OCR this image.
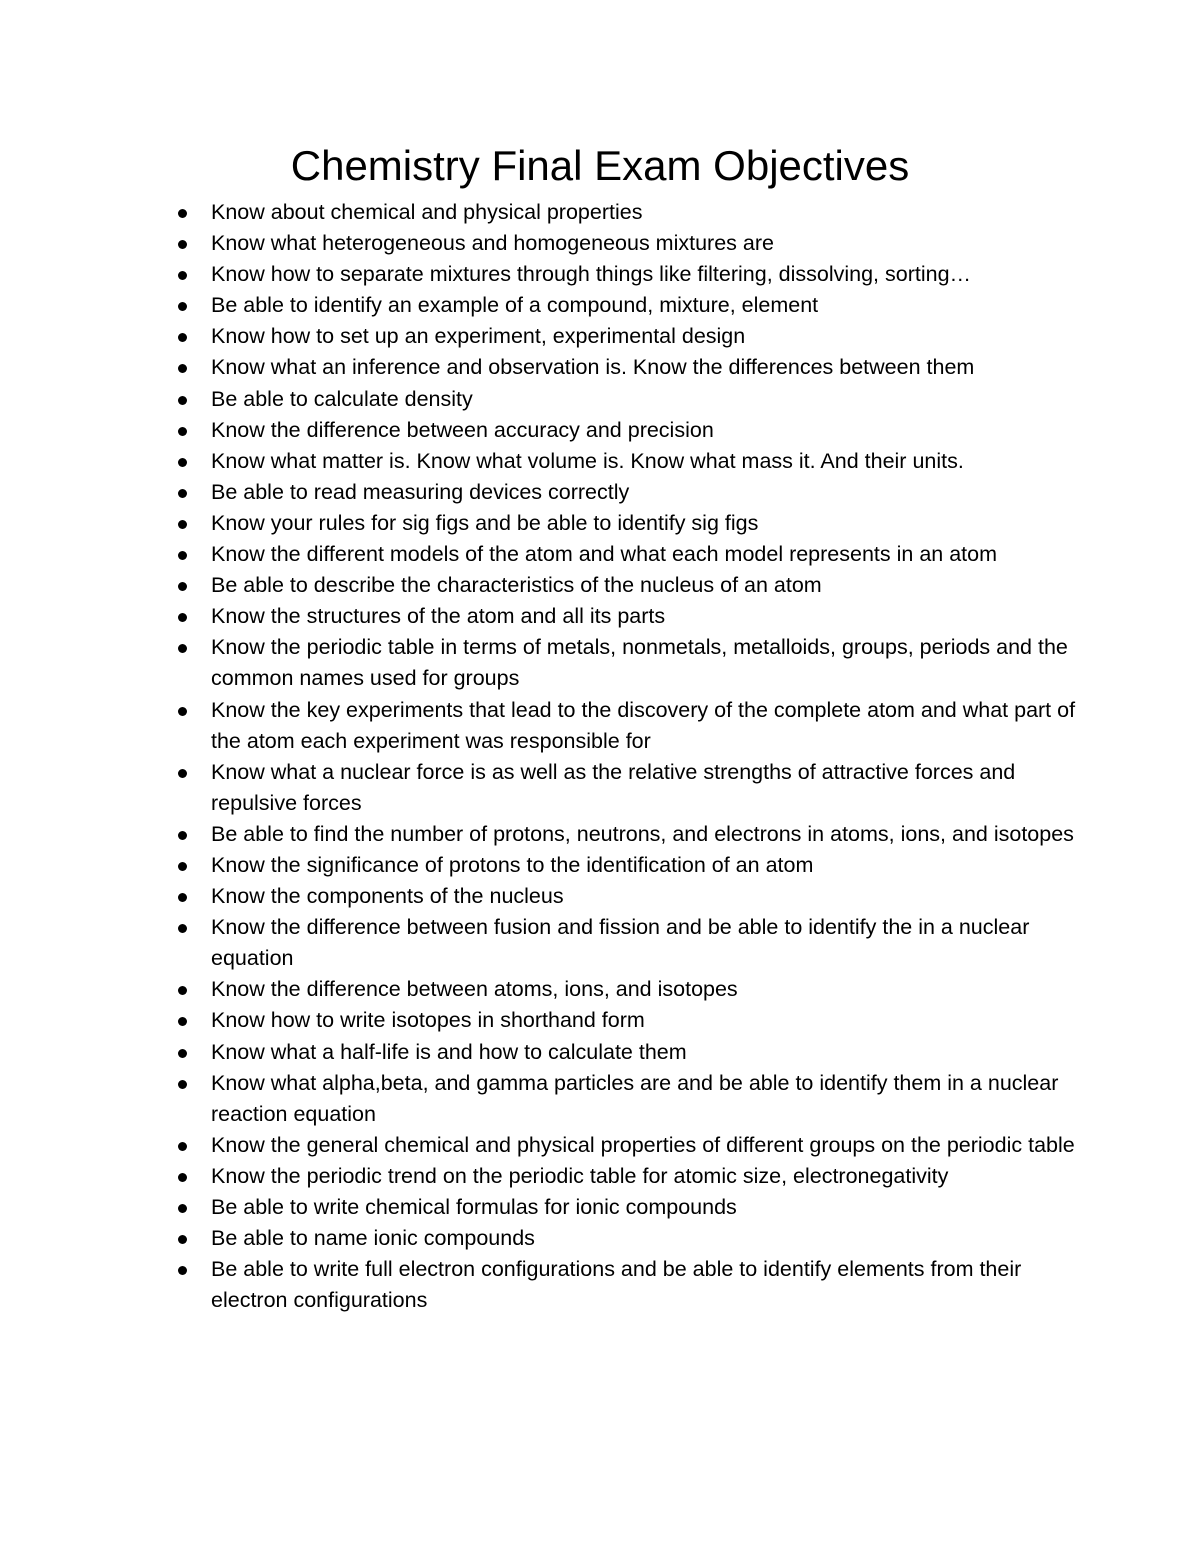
Chemistry Final Exam Objectives
Know about chemical and physical properties
Know what heterogeneous and homogeneous mixtures are
Know how to separate mixtures through things like filtering, dissolving, sorting…
Be able to identify an example of a compound, mixture, element
Know how to set up an experiment, experimental design
Know what an inference and observation is. Know the differences between them
Be able to calculate density
Know the difference between accuracy and precision
Know what matter is. Know what volume is. Know what mass it. And their units.
Be able to read measuring devices correctly
Know your rules for sig figs and be able to identify sig figs
Know the different models of the atom and what each model represents in an atom
Be able to describe the characteristics of the nucleus of an atom
Know the structures of the atom and all its parts
Know the periodic table in terms of metals, nonmetals, metalloids, groups, periods and the common names used for groups
Know the key experiments that lead to the discovery of the complete atom and what part of the atom each experiment was responsible for
Know what a nuclear force is as well as the relative strengths of attractive forces and repulsive forces
Be able to find the number of protons, neutrons, and electrons in atoms, ions, and isotopes
Know the significance of protons to the identification of an atom
Know the components of the nucleus
Know the difference between fusion and fission and be able to identify the in a nuclear equation
Know the difference between atoms, ions, and isotopes
Know how to write isotopes in shorthand form
Know what a half-life is and how to calculate them
Know what alpha,beta, and gamma particles are and be able to identify them in a nuclear reaction equation
Know the general chemical and physical properties of different groups on the periodic table
Know the periodic trend on the periodic table for atomic size, electronegativity
Be able to write chemical formulas for ionic compounds
Be able to name ionic compounds
Be able to write full electron configurations and be able to identify elements from their electron configurations
